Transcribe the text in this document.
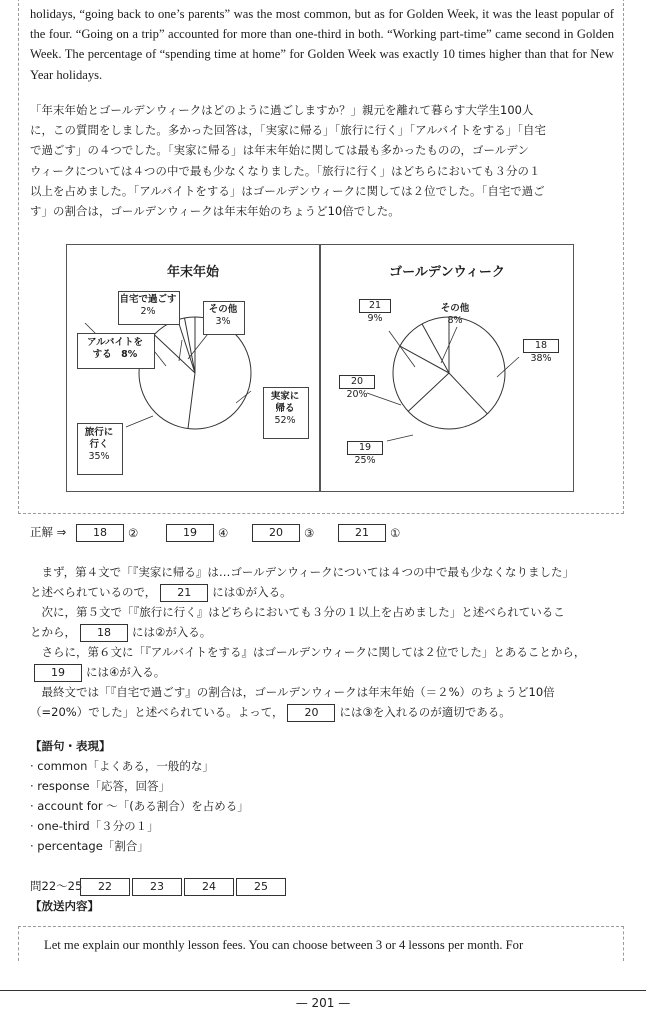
holidays, “going back to one’s parents” was the most common, but as for Golden Week, it was the least popular of the four. “Going on a trip” accounted for more than one-third in both. “Working part-time” came second in Golden Week. The percentage of “spending time at home” for Golden Week was exactly 10 times higher than that for New Year holidays.

「年末年始とゴールデンウィークはどのように過ごしますか？」親元を離れて暮らす大学生100人

に，この質問をしました。多かった回答は，「実家に帰る」「旅行に行く」「アルバイトをする」「自宅

で過ごす」の４つでした。「実家に帰る」は年末年始に関しては最も多かったものの，ゴールデン

ウィークについては４つの中で最も少なくなりました。「旅行に行く」はどちらにおいても３分の１

以上を占めました。「アルバイトをする」はゴールデンウィークに関しては２位でした。「自宅で過ご

す」の割合は，ゴールデンウィークは年末年始のちょうど10倍でした。

年末年始
自宅で過ごす
2%	その他
3%
アルバイトを
する　8%
実家に
帰る
52%
旅行に
行く
35%
ゴールデンウィーク
21
9%
その他
8%
18
38%
20
20%
19
25%
正解 ⇒	18 ②	19 ④	20 ③	21 ①
　まず，第４文で「『実家に帰る』は…ゴールデンウィークについては４つの中で最も少なくなりました」
と述べられているので， 21 には①が入る。
　次に，第５文で「『旅行に行く』はどちらにおいても３分の１以上を占めました」と述べられているこ
とから， 18 には②が入る。
　さらに，第６文に「『アルバイトをする』はゴールデンウィークに関しては２位でした」とあることから，
19 には④が入る。
　最終文では「『自宅で過ごす』の割合は，ゴールデンウィークは年末年始（＝２%）のちょうど10倍
（=20%）でした」と述べられている。よって， 20 には③を入れるのが適切である。
【語句・表現】
· common「よくある，一般的な」
· response「応答，回答」
· account for ～「(ある割合）を占める」
· one-third「３分の１」
· percentage「割合」
問22〜25	22	23	24	25
【放送内容】
Let me explain our monthly lesson fees. You can choose between 3 or 4 lessons per month. For
— 201 —
